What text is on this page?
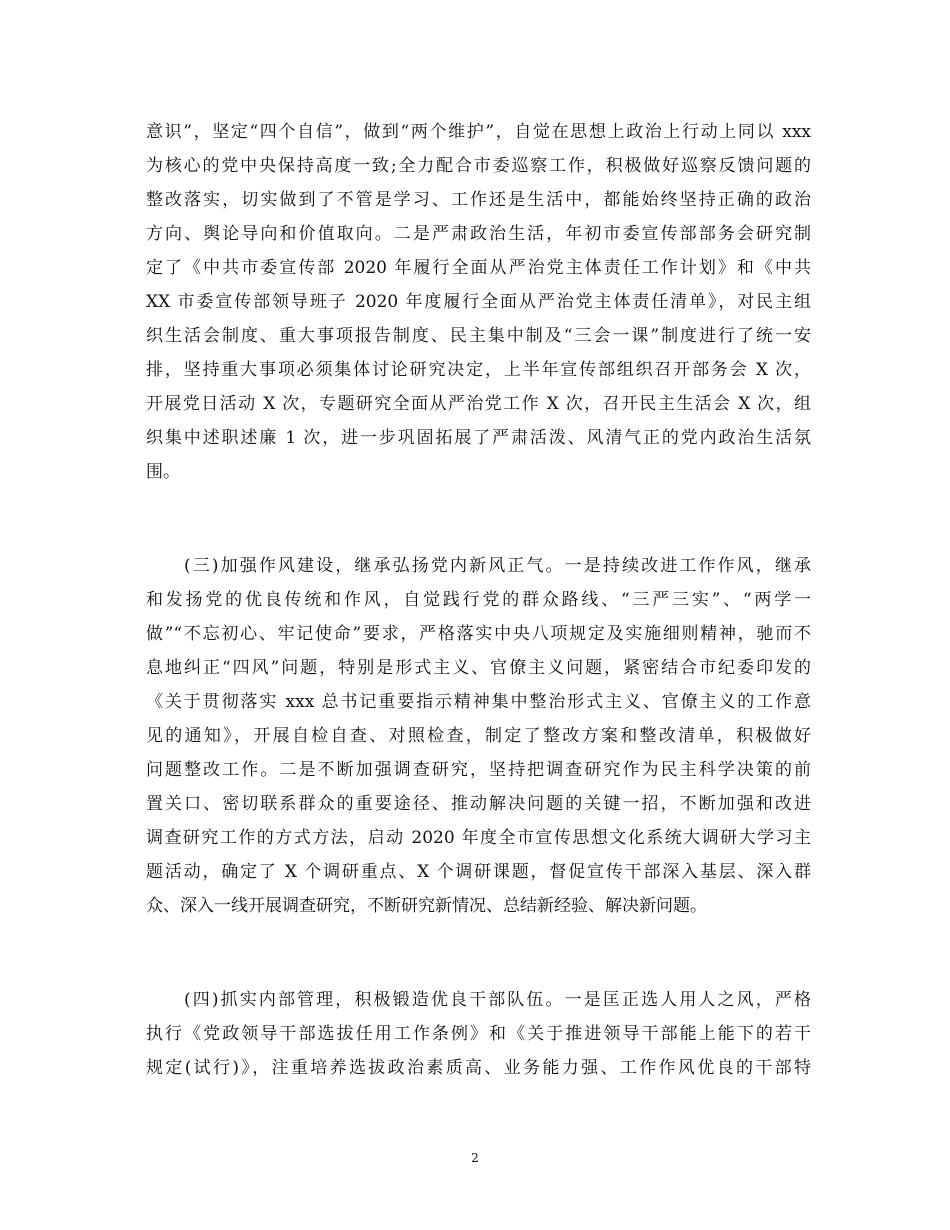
意识”，坚定“四个自信”，做到“两个维护”，自觉在思想上政治上行动上同以 xxx
为核心的党中央保持高度一致;全力配合市委巡察工作，积极做好巡察反馈问题的
整改落实，切实做到了不管是学习、工作还是生活中，都能始终坚持正确的政治
方向、舆论导向和价值取向。二是严肃政治生活，年初市委宣传部部务会研究制
定了《中共市委宣传部 2020 年履行全面从严治党主体责任工作计划》和《中共
XX 市委宣传部领导班子 2020 年度履行全面从严治党主体责任清单》，对民主组
织生活会制度、重大事项报告制度、民主集中制及“三会一课”制度进行了统一安
排，坚持重大事项必须集体讨论研究决定，上半年宣传部组织召开部务会 X 次，
开展党日活动 X 次，专题研究全面从严治党工作 X 次，召开民主生活会 X 次，组
织集中述职述廉 1 次，进一步巩固拓展了严肃活泼、风清气正的党内政治生活氛
围。
(三)加强作风建设，继承弘扬党内新风正气。一是持续改进工作作风，继承
和发扬党的优良传统和作风，自觉践行党的群众路线、“三严三实”、“两学一
做”“不忘初心、牢记使命”要求，严格落实中央八项规定及实施细则精神，驰而不
息地纠正“四风”问题，特别是形式主义、官僚主义问题，紧密结合市纪委印发的
《关于贯彻落实 xxx 总书记重要指示精神集中整治形式主义、官僚主义的工作意
见的通知》，开展自检自查、对照检查，制定了整改方案和整改清单，积极做好
问题整改工作。二是不断加强调查研究，坚持把调查研究作为民主科学决策的前
置关口、密切联系群众的重要途径、推动解决问题的关键一招，不断加强和改进
调查研究工作的方式方法，启动 2020 年度全市宣传思想文化系统大调研大学习主
题活动，确定了 X 个调研重点、X 个调研课题，督促宣传干部深入基层、深入群
众、深入一线开展调查研究，不断研究新情况、总结新经验、解决新问题。
(四)抓实内部管理，积极锻造优良干部队伍。一是匡正选人用人之风，严格
执行《党政领导干部选拔任用工作条例》和《关于推进领导干部能上能下的若干
规定(试行)》，注重培养选拔政治素质高、业务能力强、工作作风优良的干部特
2
